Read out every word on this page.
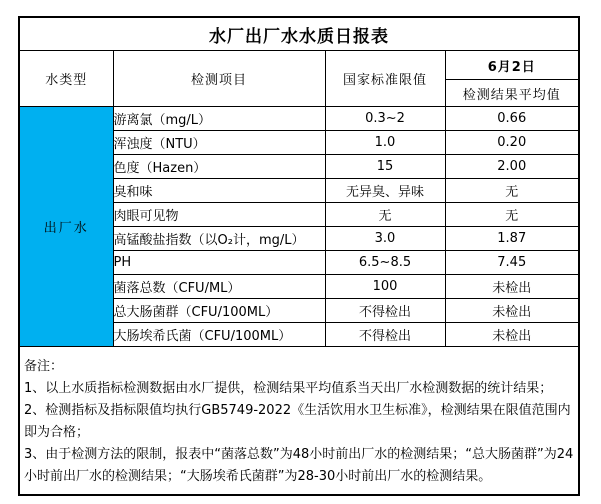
水厂出厂水水质日报表			
水类型	检测项目	国家标准限值	6月2日
			检测结果平均值
出厂水	游离氯（mg/L）	0.3~2	0.66
	浑浊度（NTU）	1.0	0.20
	色度（Hazen）	15	2.00
	臭和味	无异臭、异味	无
	肉眼可见物	无	无
	高锰酸盐指数（以O₂计，mg/L）	3.0	1.87
	PH	6.5~8.5	7.45
	菌落总数（CFU/ML）	100	未检出
	总大肠菌群（CFU/100ML）	不得检出	未检出
	大肠埃希氏菌（CFU/100ML）	不得检出	未检出

备注：
1、以上水质指标检测数据由水厂提供，检测结果平均值系当天出厂水检测数据的统计结果；
2、检测指标及指标限值均执行GB5749-2022《生活饮用水卫生标准》，检测结果在限值范围内即为合格；
3、由于检测方法的限制，报表中“菌落总数”为48小时前出厂水的检测结果；“总大肠菌群”为24小时前出厂水的检测结果；“大肠埃希氏菌群”为28-30小时前出厂水的检测结果。			
